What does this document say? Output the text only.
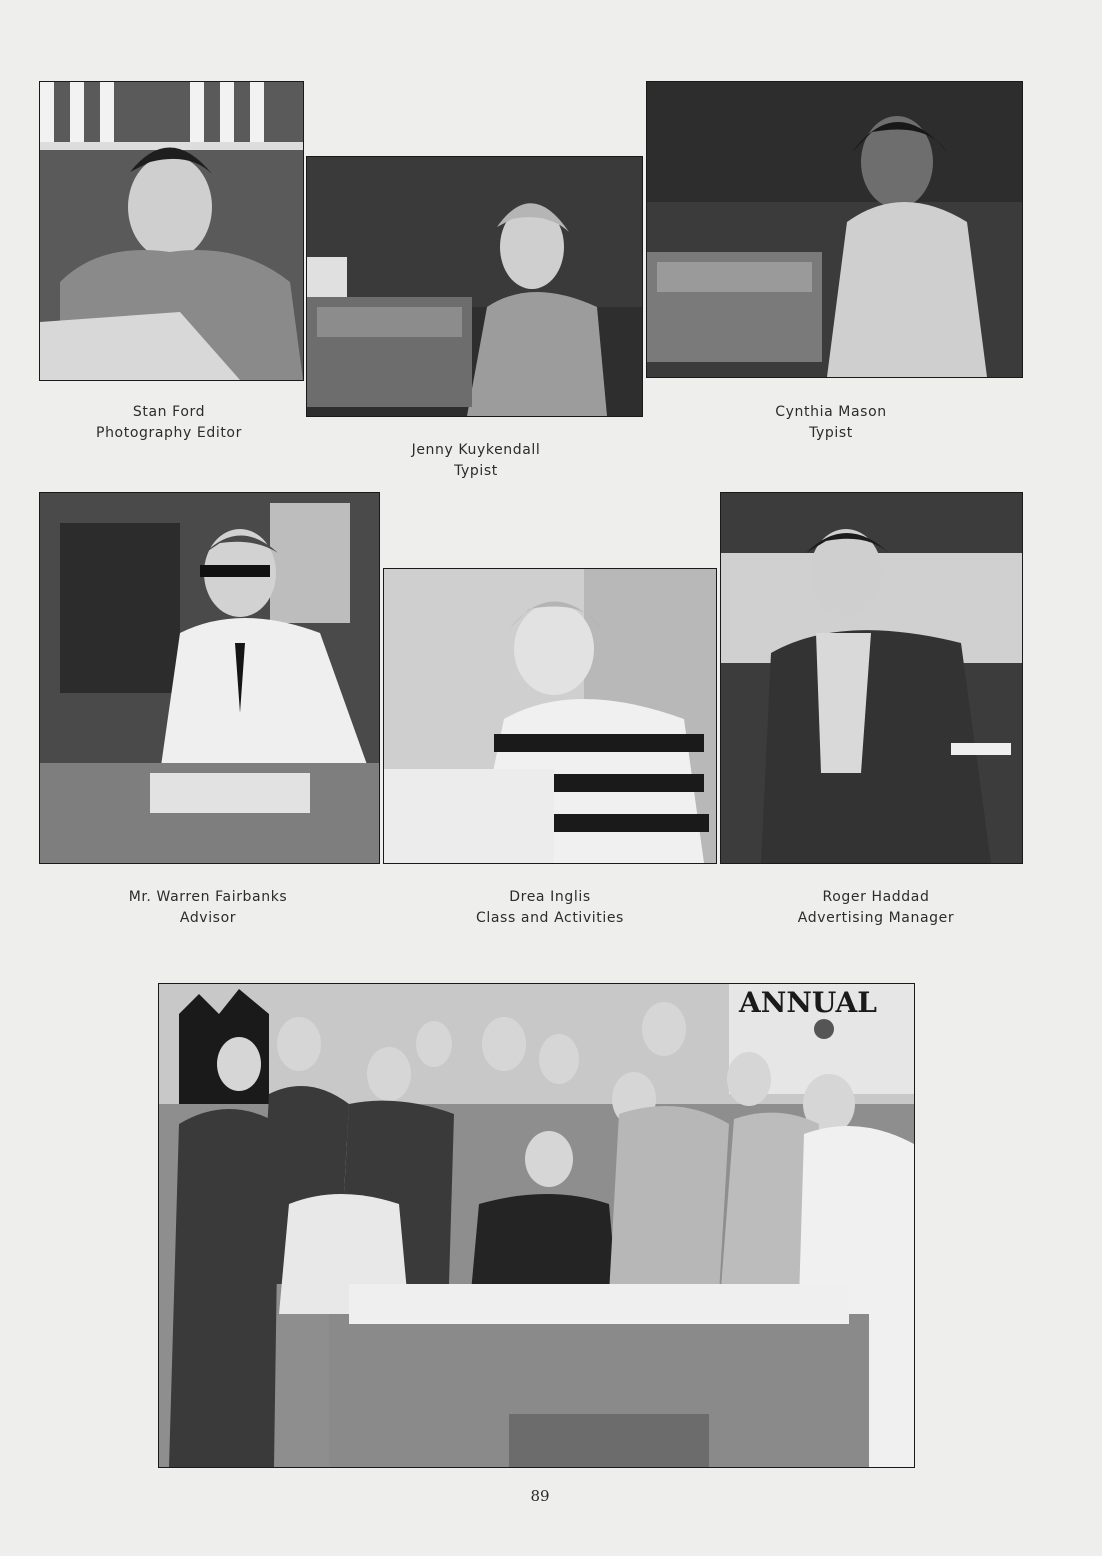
Stan Ford
Photography Editor
Jenny Kuykendall
Typist
Cynthia Mason
Typist
Mr. Warren Fairbanks
Advisor
Drea Inglis
Class and Activities
Roger Haddad
Advertising Manager
ANNUAL
89
